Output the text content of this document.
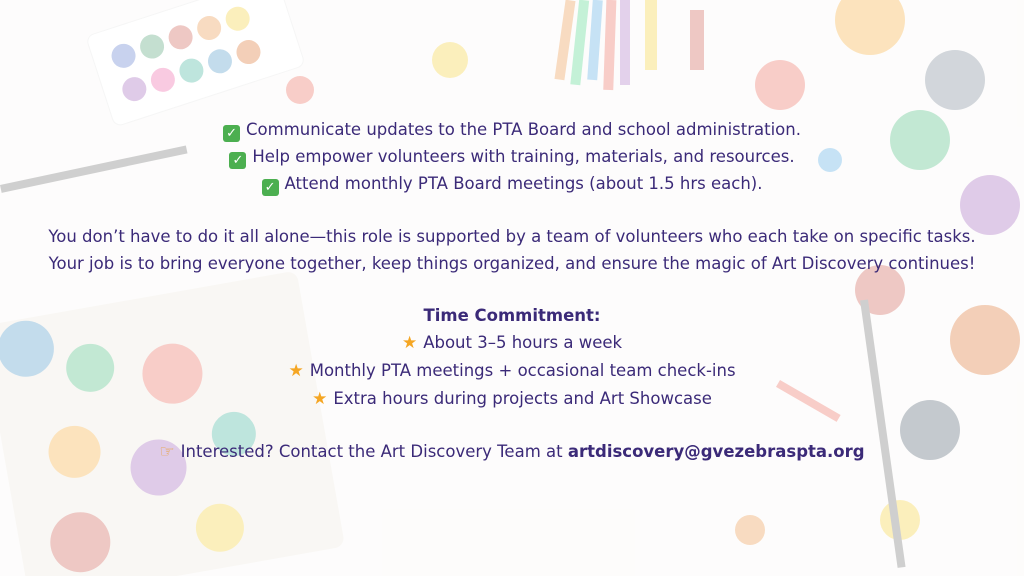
✓ Communicate updates to the PTA Board and school administration.
✓ Help empower volunteers with training, materials, and resources.
✓ Attend monthly PTA Board meetings (about 1.5 hrs each).
You don’t have to do it all alone—this role is supported by a team of volunteers who each take on specific tasks. Your job is to bring everyone together, keep things organized, and ensure the magic of Art Discovery continues!
Time Commitment:
★ About 3–5 hours a week
★ Monthly PTA meetings + occasional team check-ins
★ Extra hours during projects and Art Showcase
☞ Interested? Contact the Art Discovery Team at artdiscovery@gvezebraspta.org
